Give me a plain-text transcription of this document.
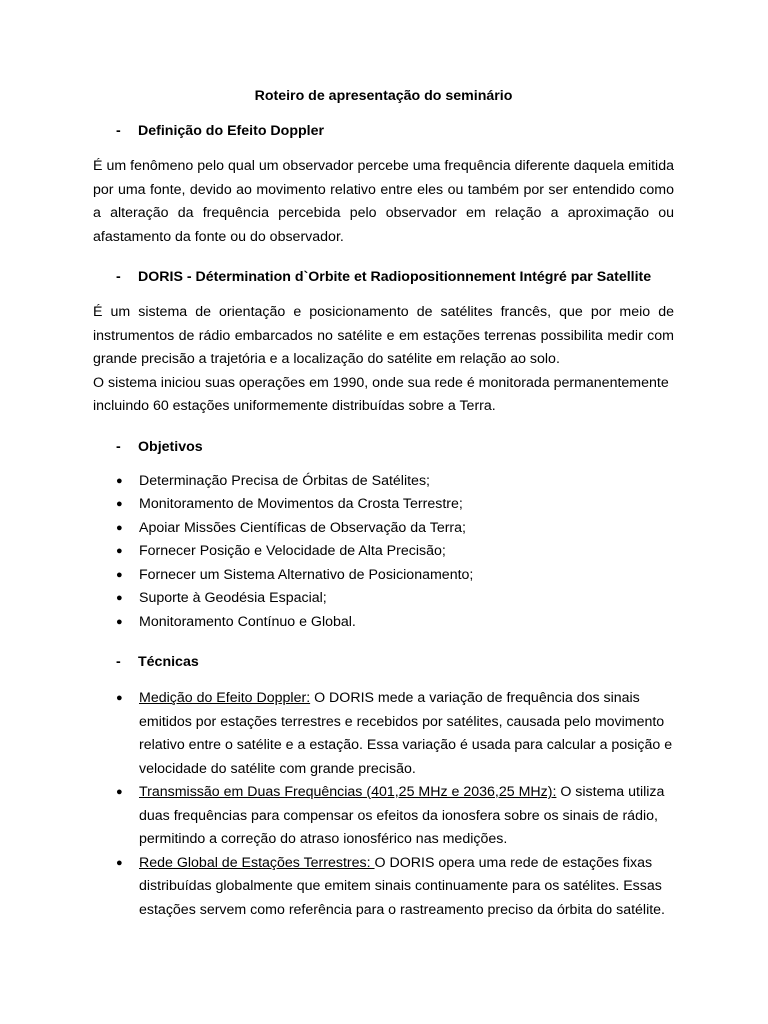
Roteiro de apresentação do seminário

-	Definição do Efeito Doppler

É um fenômeno pelo qual um observador percebe uma frequência diferente daquela emitida por uma fonte, devido ao movimento relativo entre eles ou também por ser entendido como a alteração da frequência percebida pelo observador em relação a aproximação ou afastamento da fonte ou do observador.

-	DORIS - Détermination d`Orbite et Radiopositionnement Intégré par Satellite

É um sistema de orientação e posicionamento de satélites francês, que por meio de instrumentos de rádio embarcados no satélite e em estações terrenas possibilita medir com grande precisão a trajetória e a localização do satélite em relação ao solo.

O sistema iniciou suas operações em 1990, onde sua rede é monitorada permanentemente incluindo 60 estações uniformemente distribuídas sobre a Terra.

-	Objetivos
●	Determinação Precisa de Órbitas de Satélites;
●	Monitoramento de Movimentos da Crosta Terrestre;
●	Apoiar Missões Científicas de Observação da Terra;
●	Fornecer Posição e Velocidade de Alta Precisão;
●	Fornecer um Sistema Alternativo de Posicionamento;
●	Suporte à Geodésia Espacial;
●	Monitoramento Contínuo e Global.
-	Técnicas
●	Medição do Efeito Doppler: O DORIS mede a variação de frequência dos sinais emitidos por estações terrestres e recebidos por satélites, causada pelo movimento relativo entre o satélite e a estação. Essa variação é usada para calcular a posição e velocidade do satélite com grande precisão.
●	Transmissão em Duas Frequências (401,25 MHz e 2036,25 MHz): O sistema utiliza duas frequências para compensar os efeitos da ionosfera sobre os sinais de rádio, permitindo a correção do atraso ionosférico nas medições.
●	Rede Global de Estações Terrestres: O DORIS opera uma rede de estações fixas distribuídas globalmente que emitem sinais continuamente para os satélites. Essas estações servem como referência para o rastreamento preciso da órbita do satélite.
